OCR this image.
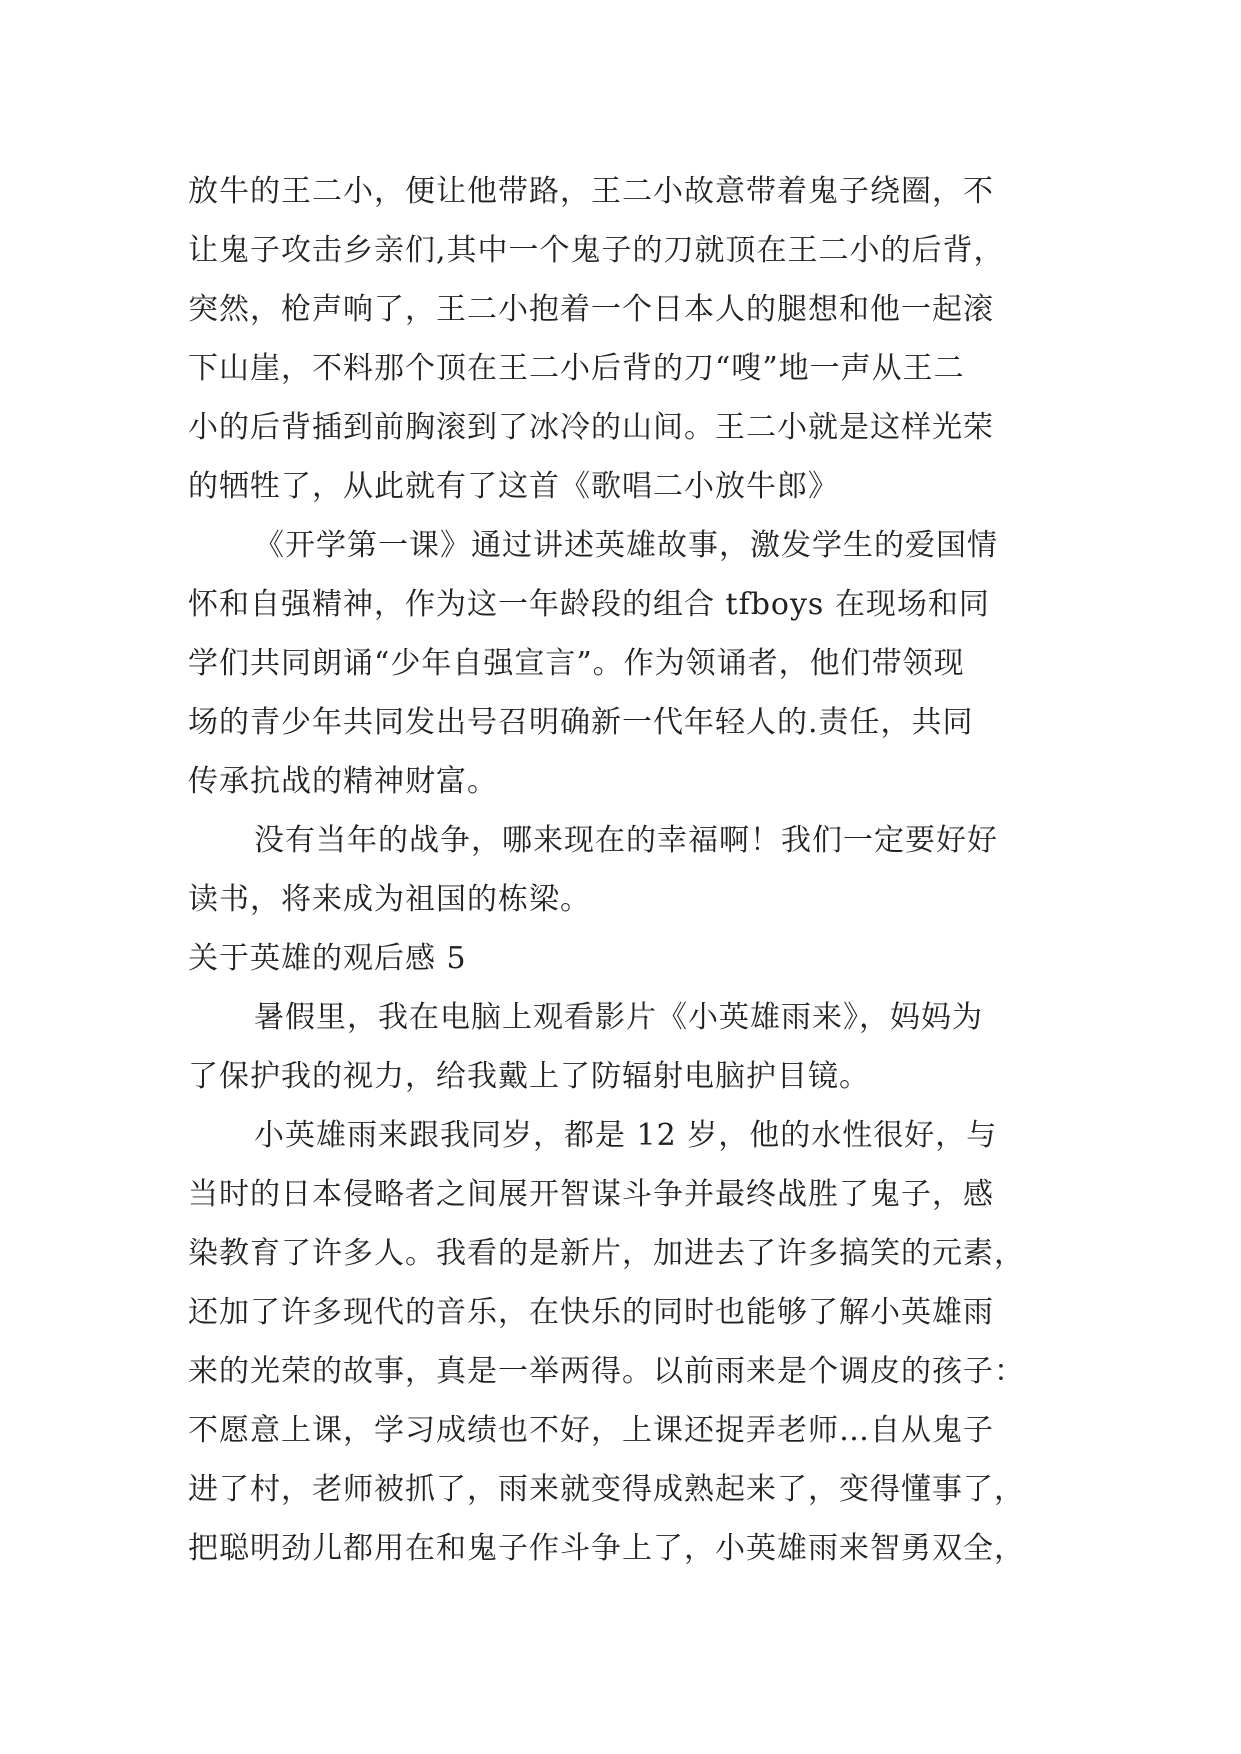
放牛的王二小，便让他带路，王二小故意带着鬼子绕圈，不
让鬼子攻击乡亲们,其中一个鬼子的刀就顶在王二小的后背，
突然，枪声响了，王二小抱着一个日本人的腿想和他一起滚
下山崖，不料那个顶在王二小后背的刀“嗖”地一声从王二
小的后背插到前胸滚到了冰冷的山间。王二小就是这样光荣
的牺牲了，从此就有了这首《歌唱二小放牛郎》
《开学第一课》通过讲述英雄故事，激发学生的爱国情
怀和自强精神，作为这一年龄段的组合 tfboys 在现场和同
学们共同朗诵“少年自强宣言”。作为领诵者，他们带领现
场的青少年共同发出号召明确新一代年轻人的.责任，共同
传承抗战的精神财富。
没有当年的战争，哪来现在的幸福啊！我们一定要好好
读书，将来成为祖国的栋梁。
关于英雄的观后感 5
暑假里，我在电脑上观看影片《小英雄雨来》，妈妈为
了保护我的视力，给我戴上了防辐射电脑护目镜。
小英雄雨来跟我同岁，都是 12 岁，他的水性很好，与
当时的日本侵略者之间展开智谋斗争并最终战胜了鬼子，感
染教育了许多人。我看的是新片，加进去了许多搞笑的元素，
还加了许多现代的音乐，在快乐的同时也能够了解小英雄雨
来的光荣的故事，真是一举两得。以前雨来是个调皮的孩子：
不愿意上课，学习成绩也不好，上课还捉弄老师…自从鬼子
进了村，老师被抓了，雨来就变得成熟起来了，变得懂事了，
把聪明劲儿都用在和鬼子作斗争上了，小英雄雨来智勇双全，
